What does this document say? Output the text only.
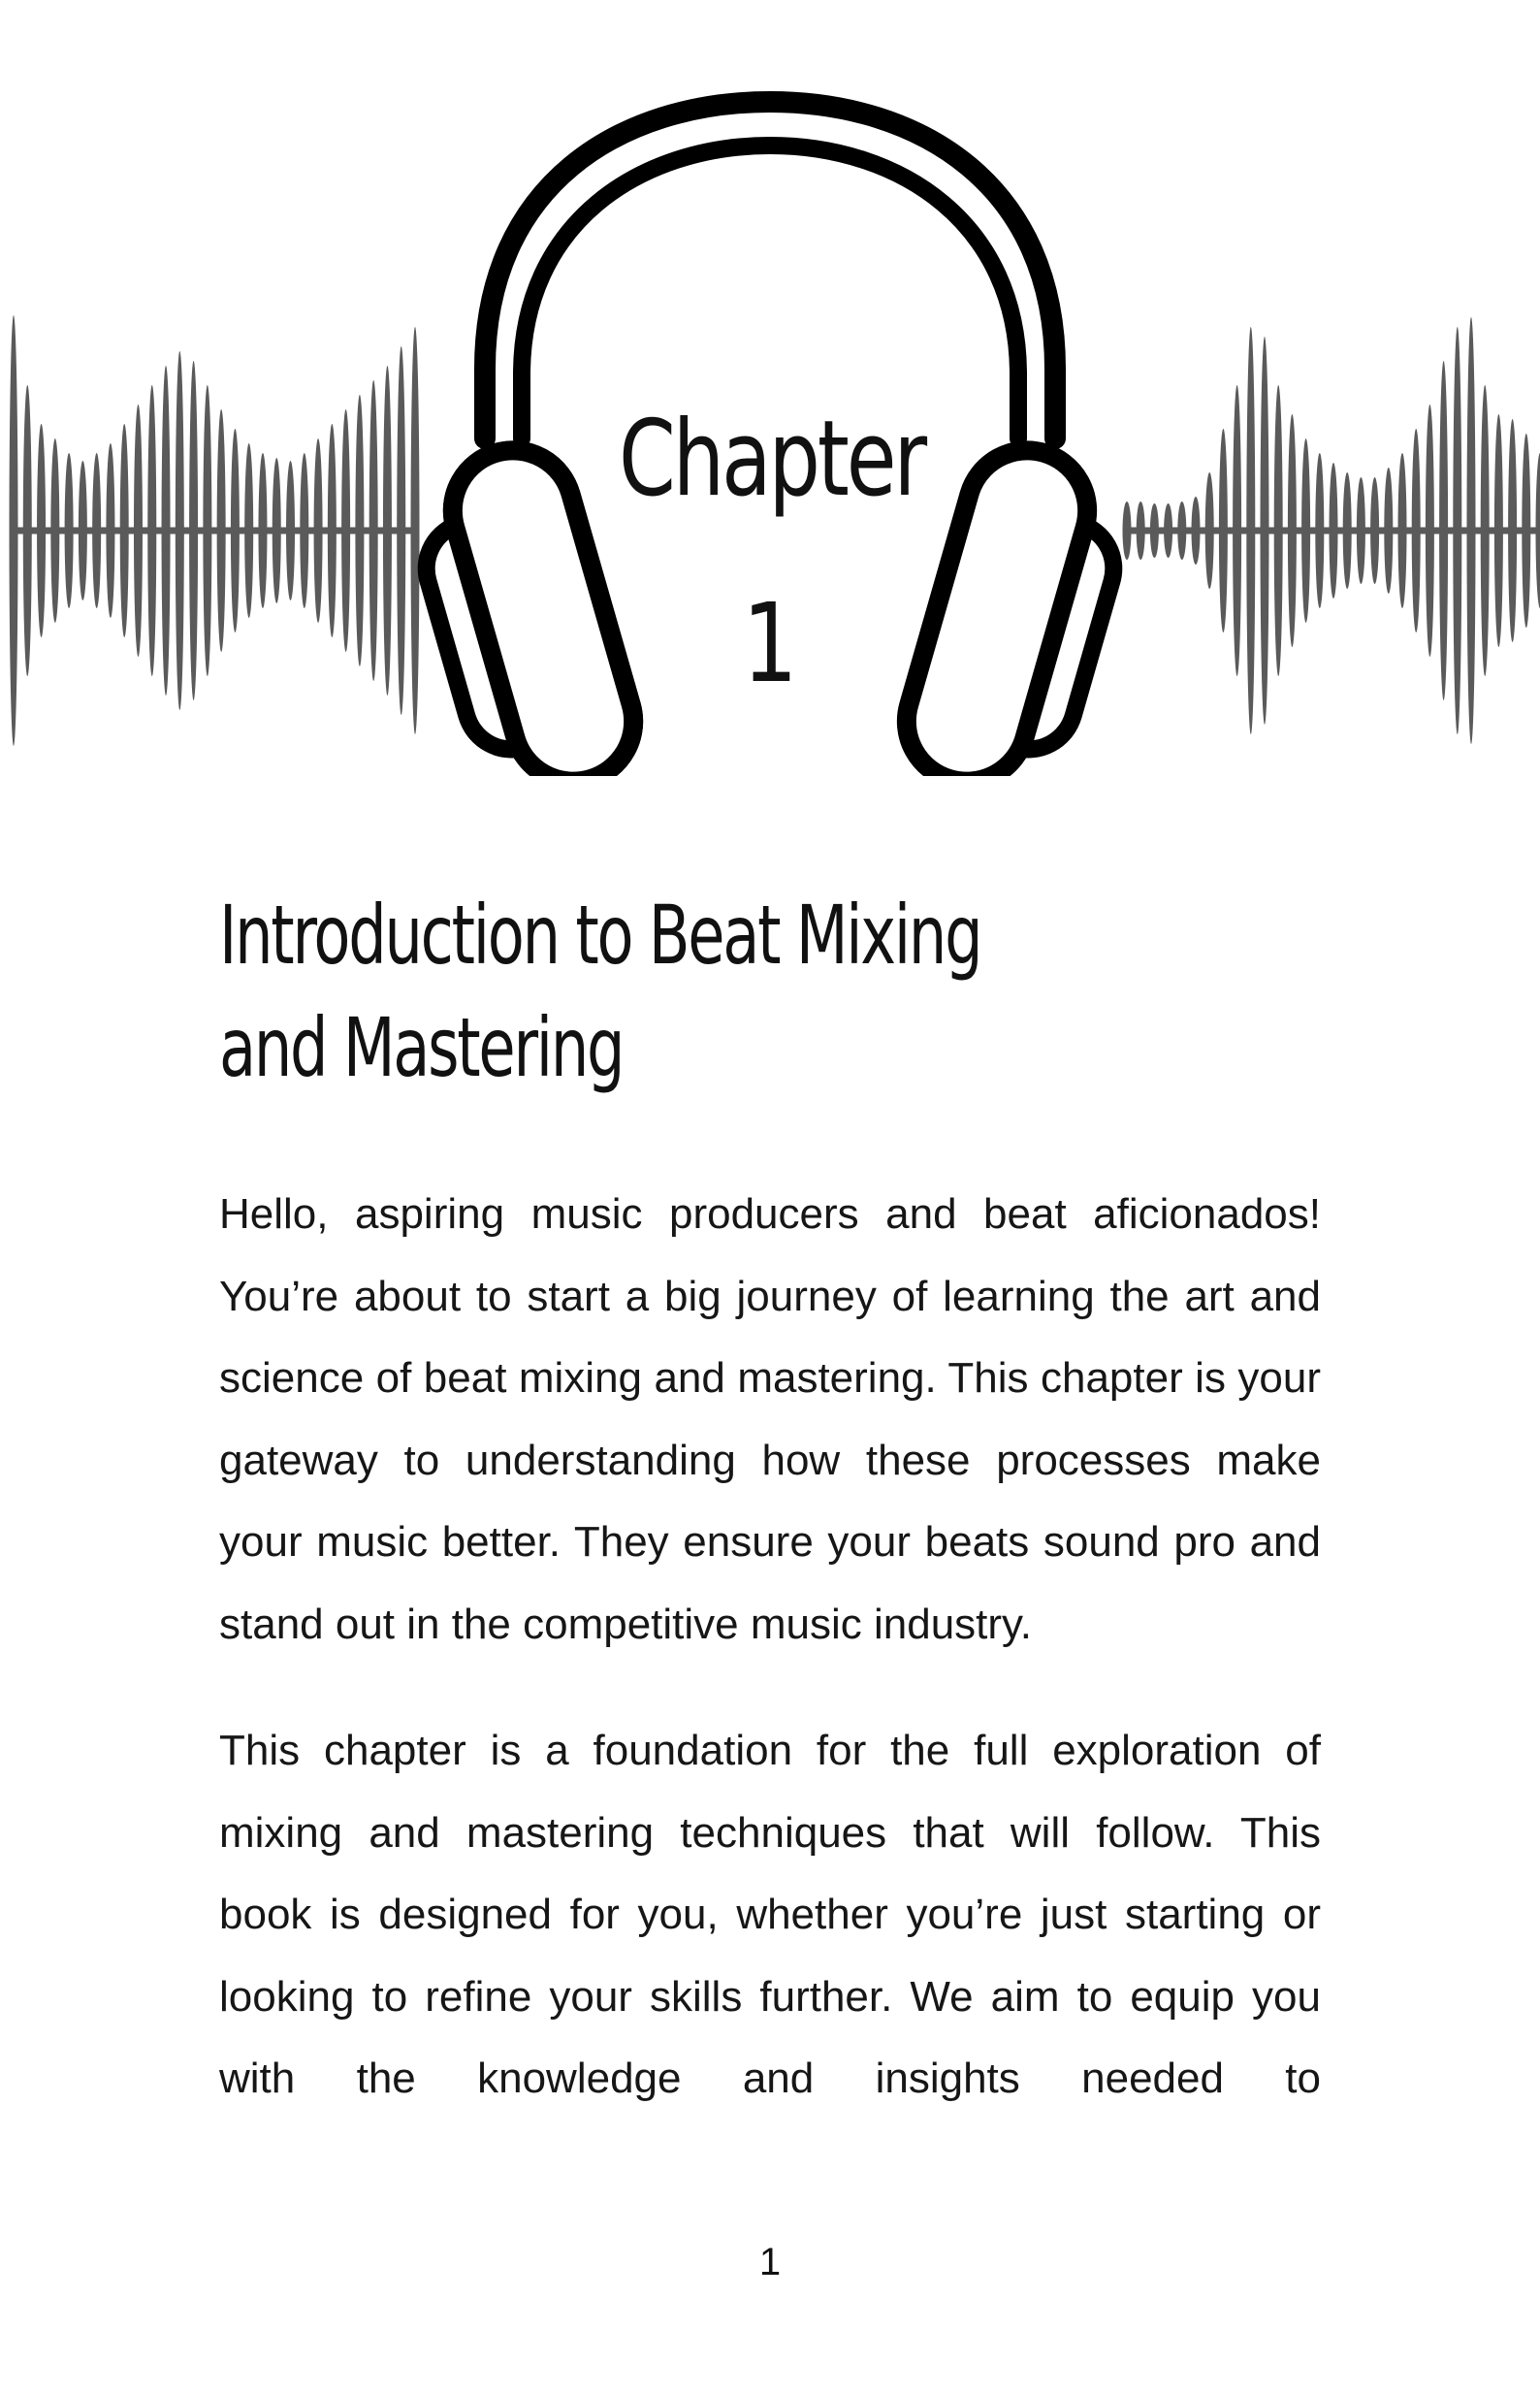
Chapter
1
Introduction to Beat Mixing
and Mastering

Hello, aspiring music producers and beat aficionados! You’re about to start a big journey of learning the art and science of beat mixing and mastering. This chapter is your gateway to understanding how these processes make your music better. They ensure your beats sound pro and stand out in the competitive music industry.

This chapter is a foundation for the full exploration of mixing and mastering techniques that will follow. This book is designed for you, whether you’re just starting or looking to refine your skills further. We aim to equip you with the knowledge and insights needed to

1
